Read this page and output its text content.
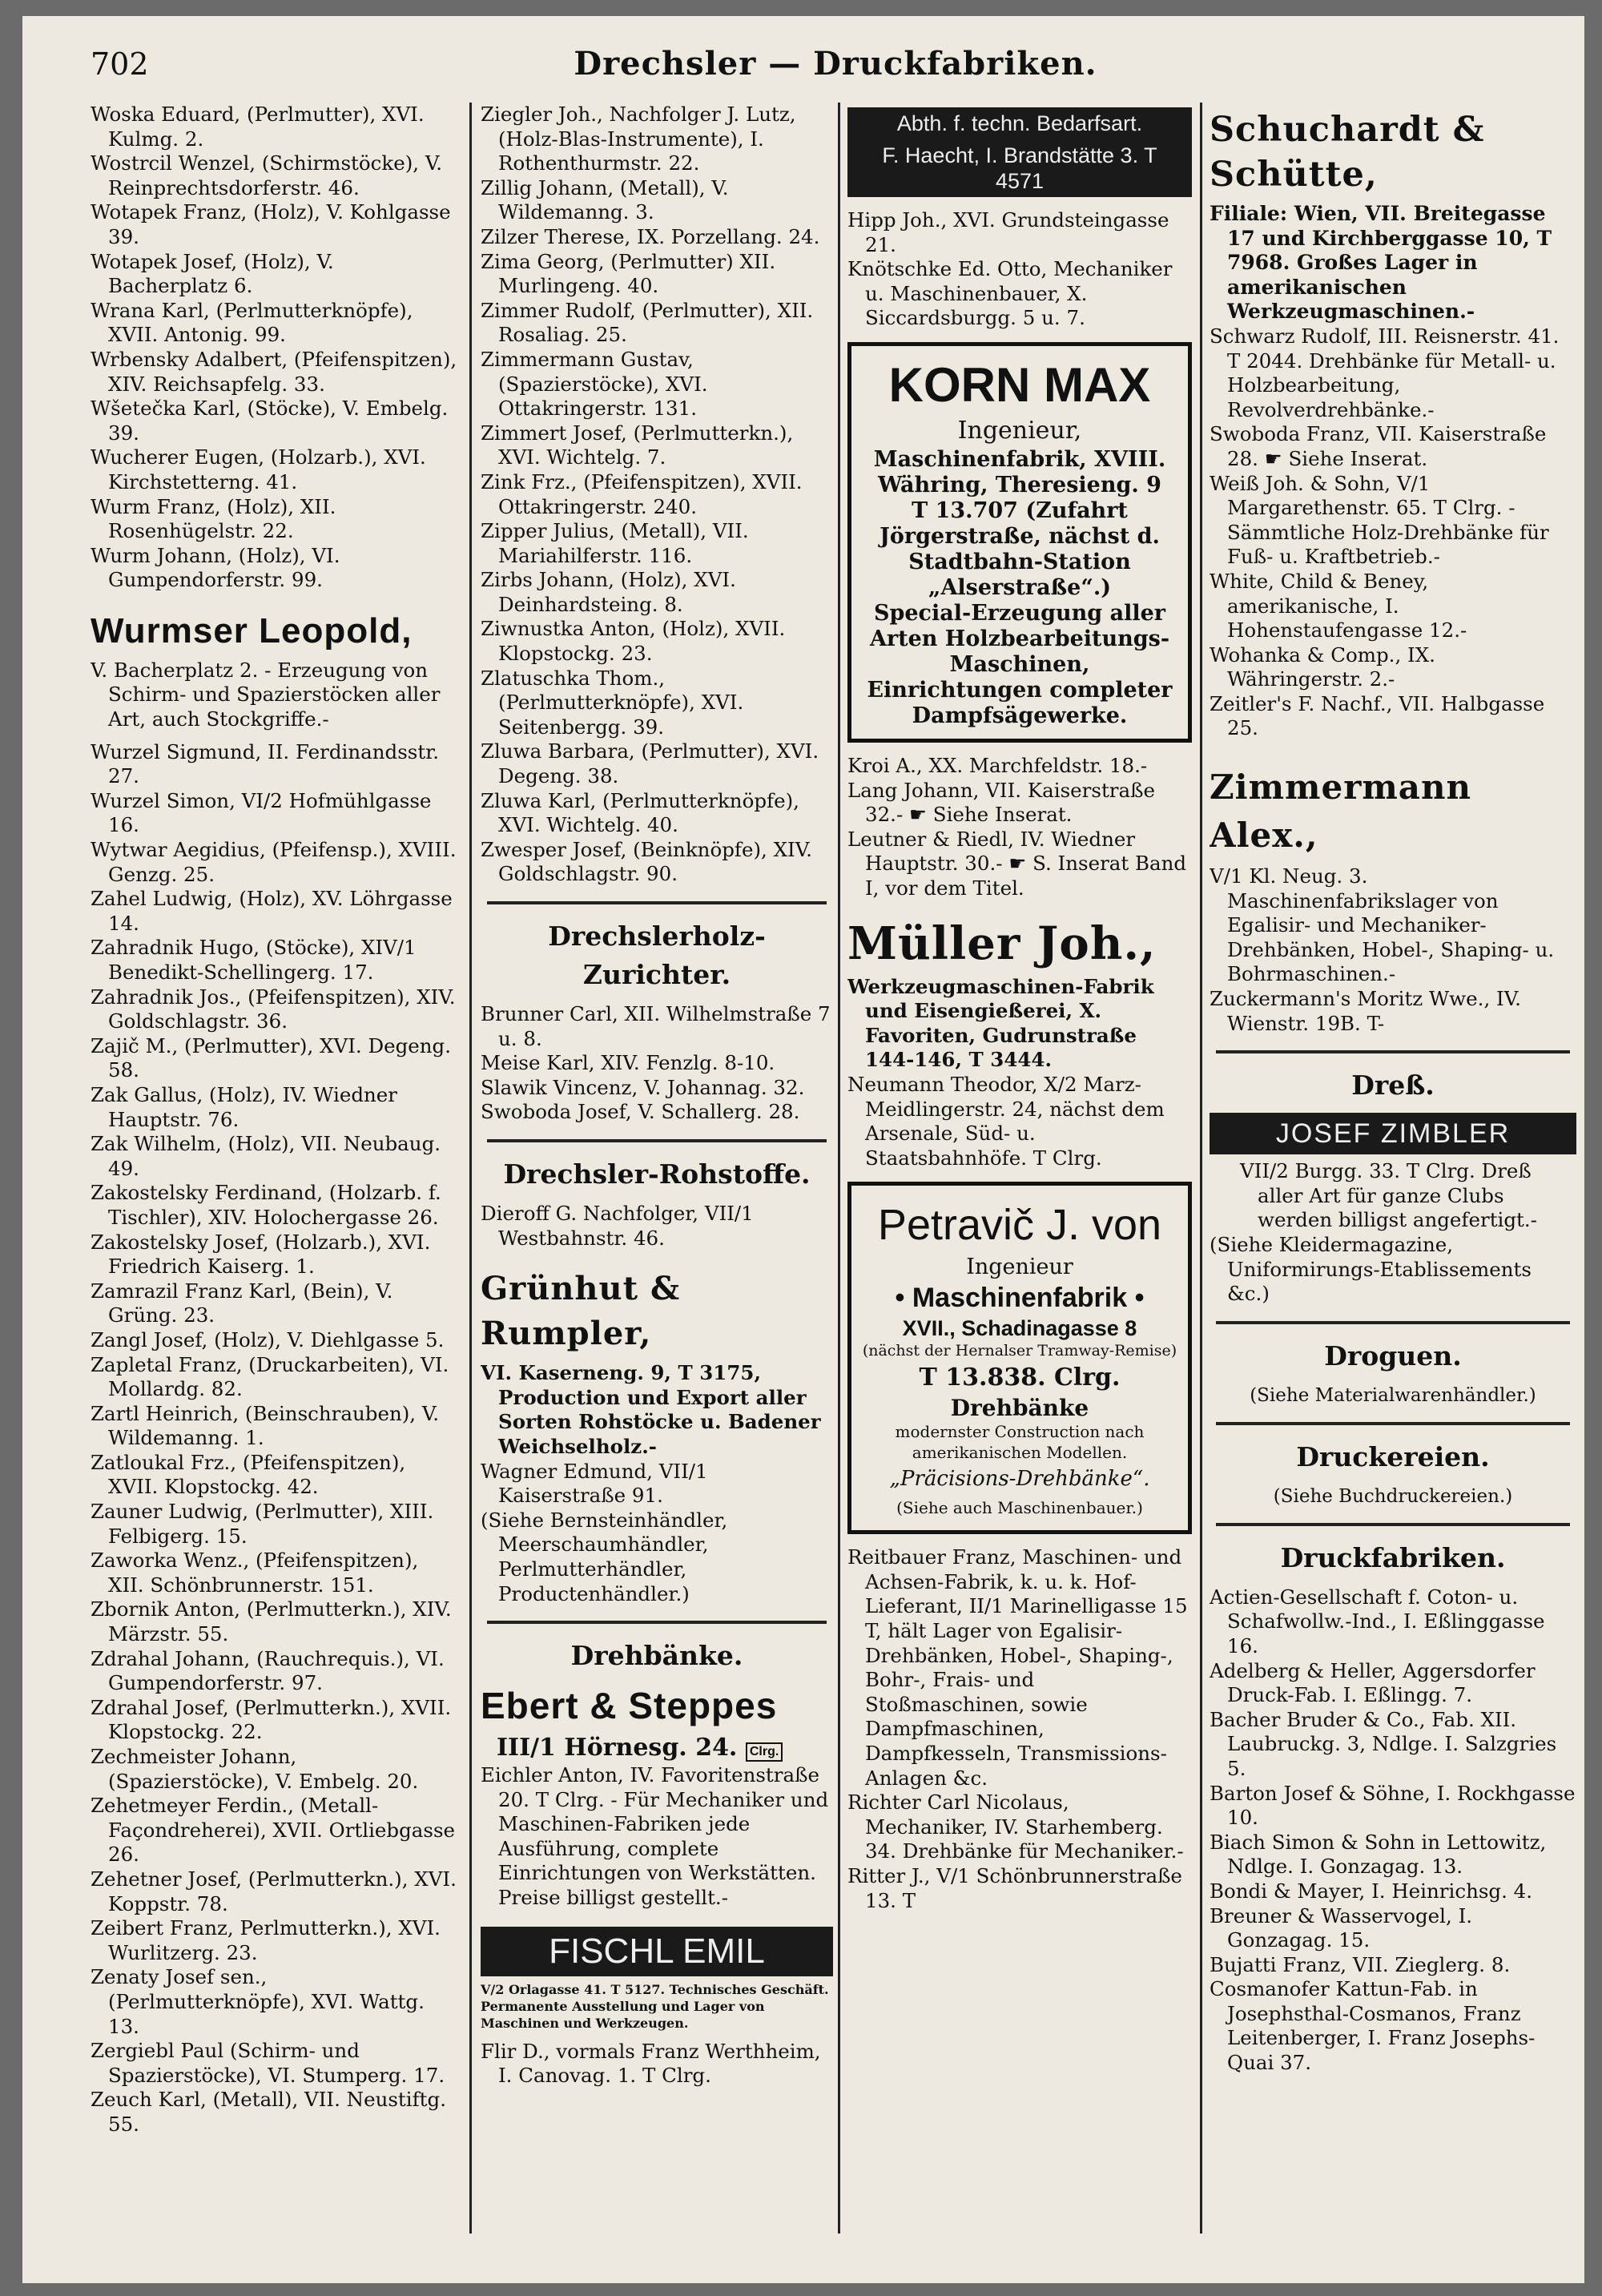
702	Drechsler — Druckfabriken.

Woska Eduard, (Perlmutter), XVI. Kulmg. 2.

Wostrcil Wenzel, (Schirmstöcke), V. Reinprechtsdorferstr. 46.

Wotapek Franz, (Holz), V. Kohlgasse 39.

Wotapek Josef, (Holz), V. Bacherplatz 6.

Wrana Karl, (Perlmutterknöpfe), XVII. Antonig. 99.

Wrbensky Adalbert, (Pfeifenspitzen), XIV. Reichsapfelg. 33.

Wšetečka Karl, (Stöcke), V. Embelg. 39.

Wucherer Eugen, (Holzarb.), XVI. Kirchstetterng. 41.

Wurm Franz, (Holz), XII. Rosenhügelstr. 22.

Wurm Johann, (Holz), VI. Gumpendorferstr. 99.

Wurmser Leopold,

V. Bacherplatz 2. - Erzeugung von Schirm- und Spazierstöcken aller Art, auch Stockgriffe.-

Wurzel Sigmund, II. Ferdinandsstr. 27.

Wurzel Simon, VI/2 Hofmühlgasse 16.

Wytwar Aegidius, (Pfeifensp.), XVIII. Genzg. 25.

Zahel Ludwig, (Holz), XV. Löhrgasse 14.

Zahradnik Hugo, (Stöcke), XIV/1 Benedikt-Schellingerg. 17.

Zahradnik Jos., (Pfeifenspitzen), XIV. Goldschlagstr. 36.

Zajič M., (Perlmutter), XVI. Degeng. 58.

Zak Gallus, (Holz), IV. Wiedner Hauptstr. 76.

Zak Wilhelm, (Holz), VII. Neubaug. 49.

Zakostelsky Ferdinand, (Holzarb. f. Tischler), XIV. Holochergasse 26.

Zakostelsky Josef, (Holzarb.), XVI. Friedrich Kaiserg. 1.

Zamrazil Franz Karl, (Bein), V. Grüng. 23.

Zangl Josef, (Holz), V. Diehlgasse 5.

Zapletal Franz, (Druckarbeiten), VI. Mollardg. 82.

Zartl Heinrich, (Beinschrauben), V. Wildemanng. 1.

Zatloukal Frz., (Pfeifenspitzen), XVII. Klopstockg. 42.

Zauner Ludwig, (Perlmutter), XIII. Felbigerg. 15.

Zaworka Wenz., (Pfeifenspitzen), XII. Schönbrunnerstr. 151.

Zbornik Anton, (Perlmutterkn.), XIV. Märzstr. 55.

Zdrahal Johann, (Rauchrequis.), VI. Gumpendorferstr. 97.

Zdrahal Josef, (Perlmutterkn.), XVII. Klopstockg. 22.

Zechmeister Johann, (Spazierstöcke), V. Embelg. 20.

Zehetmeyer Ferdin., (Metall-Façondreherei), XVII. Ortliebgasse 26.

Zehetner Josef, (Perlmutterkn.), XVI. Koppstr. 78.

Zeibert Franz, Perlmutterkn.), XVI. Wurlitzerg. 23.

Zenaty Josef sen., (Perlmutterknöpfe), XVI. Wattg. 13.

Zergiebl Paul (Schirm- und Spazierstöcke), VI. Stumperg. 17.

Zeuch Karl, (Metall), VII. Neustiftg. 55.

Ziegler Joh., Nachfolger J. Lutz, (Holz-Blas-Instrumente), I. Rothenthurmstr. 22.

Zillig Johann, (Metall), V. Wildemanng. 3.

Zilzer Therese, IX. Porzellang. 24.

Zima Georg, (Perlmutter) XII. Murlingeng. 40.

Zimmer Rudolf, (Perlmutter), XII. Rosaliag. 25.

Zimmermann Gustav, (Spazierstöcke), XVI. Ottakringerstr. 131.

Zimmert Josef, (Perlmutterkn.), XVI. Wichtelg. 7.

Zink Frz., (Pfeifenspitzen), XVII. Ottakringerstr. 240.

Zipper Julius, (Metall), VII. Mariahilferstr. 116.

Zirbs Johann, (Holz), XVI. Deinhardsteing. 8.

Ziwnustka Anton, (Holz), XVII. Klopstockg. 23.

Zlatuschka Thom., (Perlmutterknöpfe), XVI. Seitenbergg. 39.

Zluwa Barbara, (Perlmutter), XVI. Degeng. 38.

Zluwa Karl, (Perlmutterknöpfe), XVI. Wichtelg. 40.

Zwesper Josef, (Beinknöpfe), XIV. Goldschlagstr. 90.

Drechslerholz-
Zurichter.

Brunner Carl, XII. Wilhelmstraße 7 u. 8.

Meise Karl, XIV. Fenzlg. 8-10.

Slawik Vincenz, V. Johannag. 32.

Swoboda Josef, V. Schallerg. 28.

Drechsler-Rohstoffe.

Dieroff G. Nachfolger, VII/1 Westbahnstr. 46.

Grünhut & Rumpler,

VI. Kaserneng. 9, T 3175, Production und Export aller Sorten Rohstöcke u. Badener Weichselholz.-

Wagner Edmund, VII/1 Kaiserstraße 91.

(Siehe Bernsteinhändler, Meerschaumhändler, Perlmutterhändler, Productenhändler.)

Drehbänke.
Ebert & Steppes
III/1 Hörnesg. 24. Clrg.

Eichler Anton, IV. Favoritenstraße 20. T Clrg. - Für Mechaniker und Maschinen-Fabriken jede Ausführung, complete Einrichtungen von Werkstätten. Preise billigst gestellt.-

FISCHL EMIL
V/2 Orlagasse 41. T 5127. Technisches Geschäft. Permanente Ausstellung und Lager von Maschinen und Werkzeugen.

Flir D., vormals Franz Werthheim, I. Canovag. 1. T Clrg.

Abth. f. techn. Bedarfsart.
F. Haecht, I. Brandstätte 3. T 4571

Hipp Joh., XVI. Grundsteingasse 21.

Knötschke Ed. Otto, Mechaniker u. Maschinenbauer, X. Siccardsburgg. 5 u. 7.

KORN MAX
Ingenieur,
Maschinenfabrik, XVIII. Währing, Theresieng. 9
T 13.707 (Zufahrt Jörgerstraße, nächst d. Stadtbahn-Station „Alserstraße“.)
Special-Erzeugung aller Arten Holzbearbeitungs-Maschinen, Einrichtungen completer Dampfsägewerke.

Kroi A., XX. Marchfeldstr. 18.-

Lang Johann, VII. Kaiserstraße 32.- ☛ Siehe Inserat.

Leutner & Riedl, IV. Wiedner Hauptstr. 30.- ☛ S. Inserat Band I, vor dem Titel.

Müller Joh.,

Werkzeugmaschinen-Fabrik und Eisengießerei, X. Favoriten, Gudrunstraße 144-146, T 3444.

Neumann Theodor, X/2 Marz-Meidlingerstr. 24, nächst dem Arsenale, Süd- u. Staatsbahnhöfe. T Clrg.

Petravič J. von
Ingenieur
• Maschinenfabrik •
XVII., Schadinagasse 8
(nächst der Hernalser Tramway-Remise)
T 13.838. Clrg.
Drehbänke
modernster Construction nach amerikanischen Modellen.
„Präcisions-Drehbänke“.
(Siehe auch Maschinenbauer.)

Reitbauer Franz, Maschinen- und Achsen-Fabrik, k. u. k. Hof-Lieferant, II/1 Marinelligasse 15 T, hält Lager von Egalisir-Drehbänken, Hobel-, Shaping-, Bohr-, Frais- und Stoßmaschinen, sowie Dampfmaschinen, Dampfkesseln, Transmissions-Anlagen &c.

Richter Carl Nicolaus, Mechaniker, IV. Starhemberg. 34. Drehbänke für Mechaniker.-

Ritter J., V/1 Schönbrunnerstraße 13. T

Schuchardt & Schütte,

Filiale: Wien, VII. Breitegasse 17 und Kirchberggasse 10, T 7968. Großes Lager in amerikanischen Werkzeugmaschinen.-

Schwarz Rudolf, III. Reisnerstr. 41. T 2044. Drehbänke für Metall- u. Holzbearbeitung, Revolverdrehbänke.-

Swoboda Franz, VII. Kaiserstraße 28. ☛ Siehe Inserat.

Weiß Joh. & Sohn, V/1 Margarethenstr. 65. T Clrg. - Sämmtliche Holz-Drehbänke für Fuß- u. Kraftbetrieb.-

White, Child & Beney, amerikanische, I. Hohenstaufengasse 12.-

Wohanka & Comp., IX. Währingerstr. 2.-

Zeitler's F. Nachf., VII. Halbgasse 25.

Zimmermann Alex.,

V/1 Kl. Neug. 3. Maschinenfabrikslager von Egalisir- und Mechaniker-Drehbänken, Hobel-, Shaping- u. Bohrmaschinen.-

Zuckermann's Moritz Wwe., IV. Wienstr. 19B. T-

Dreß.
JOSEF ZIMBLER

VII/2 Burgg. 33. T Clrg. Dreß aller Art für ganze Clubs werden billigst angefertigt.-

(Siehe Kleidermagazine, Uniformirungs-Etablissements &c.)

Droguen.
(Siehe Materialwarenhändler.)
Druckereien.
(Siehe Buchdruckereien.)
Druckfabriken.

Actien-Gesellschaft f. Coton- u. Schafwollw.-Ind., I. Eßlinggasse 16.

Adelberg & Heller, Aggersdorfer Druck-Fab. I. Eßlingg. 7.

Bacher Bruder & Co., Fab. XII. Laubruckg. 3, Ndlge. I. Salzgries 5.

Barton Josef & Söhne, I. Rockhgasse 10.

Biach Simon & Sohn in Lettowitz, Ndlge. I. Gonzagag. 13.

Bondi & Mayer, I. Heinrichsg. 4.

Breuner & Wasservogel, I. Gonzagag. 15.

Bujatti Franz, VII. Zieglerg. 8.

Cosmanofer Kattun-Fab. in Josephsthal-Cosmanos, Franz Leitenberger, I. Franz Josephs-Quai 37.
